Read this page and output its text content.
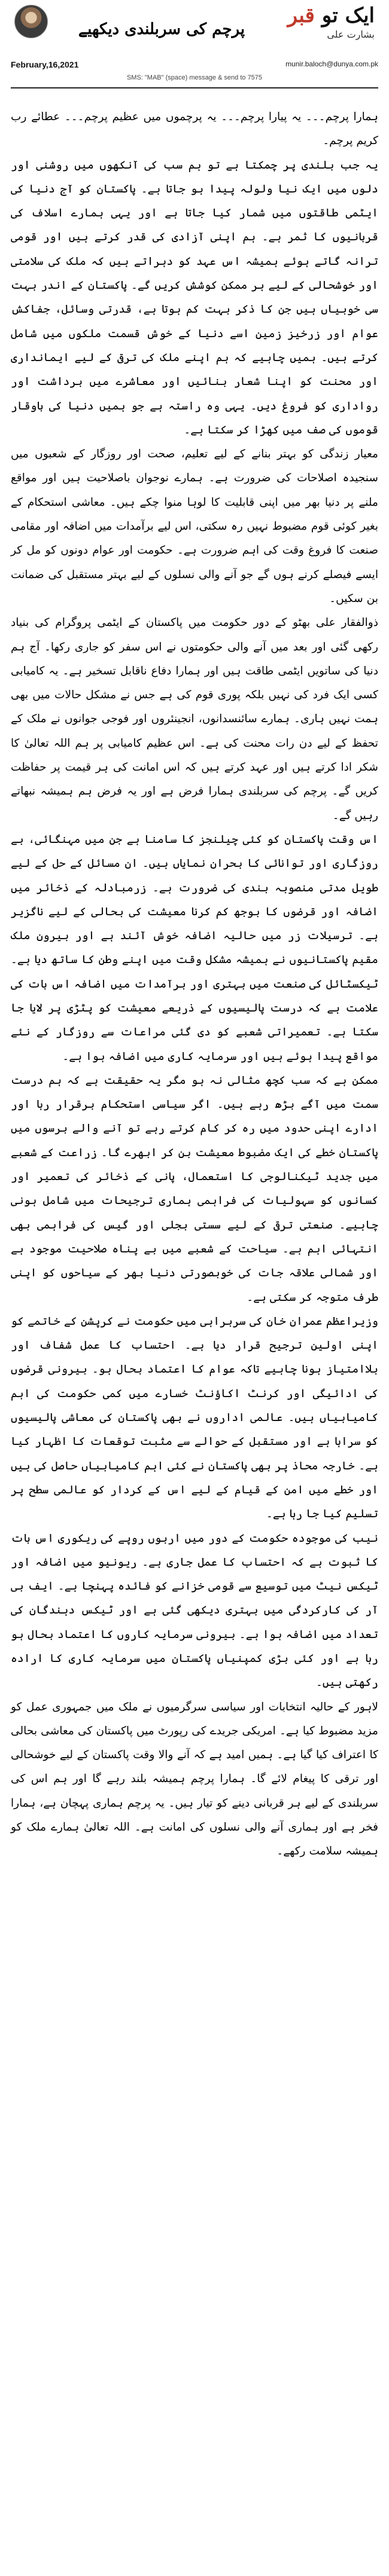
پرچم کی سربلندی دیکھیے
ایک تو قبر
بشارت علی
February,16,2021	munir.baloch@dunya.com.pk
SMS: "MAB" (space) message & send to 7575

ہمارا پرچم۔۔۔ یہ پیارا پرچم۔۔۔ یہ پرچموں میں عظیم پرچم۔۔۔ عطائے رب کریم پرچم۔

یہ جب بلندی پر چمکتا ہے تو ہم سب کی آنکھوں میں روشنی اور دلوں میں ایک نیا ولولہ پیدا ہو جاتا ہے۔ پاکستان کو آج دنیا کی ایٹمی طاقتوں میں شمار کیا جاتا ہے اور یہی ہمارے اسلاف کی قربانیوں کا ثمر ہے۔ ہم اپنی آزادی کی قدر کرتے ہیں اور قومی ترانہ گاتے ہوئے ہمیشہ اس عہد کو دہراتے ہیں کہ ملک کی سلامتی اور خوشحالی کے لیے ہر ممکن کوشش کریں گے۔ پاکستان کے اندر بہت سی خوبیاں ہیں جن کا ذکر بہت کم ہوتا ہے، قدرتی وسائل، جفاکش عوام اور زرخیز زمین اسے دنیا کے خوش قسمت ملکوں میں شامل کرتے ہیں۔ ہمیں چاہیے کہ ہم اپنے ملک کی ترقی کے لیے ایمانداری اور محنت کو اپنا شعار بنائیں اور معاشرے میں برداشت اور رواداری کو فروغ دیں۔ یہی وہ راستہ ہے جو ہمیں دنیا کی باوقار قوموں کی صف میں کھڑا کر سکتا ہے۔

معیار زندگی کو بہتر بنانے کے لیے تعلیم، صحت اور روزگار کے شعبوں میں سنجیدہ اصلاحات کی ضرورت ہے۔ ہمارے نوجوان باصلاحیت ہیں اور مواقع ملنے پر دنیا بھر میں اپنی قابلیت کا لوہا منوا چکے ہیں۔ معاشی استحکام کے بغیر کوئی قوم مضبوط نہیں رہ سکتی، اس لیے برآمدات میں اضافہ اور مقامی صنعت کا فروغ وقت کی اہم ضرورت ہے۔ حکومت اور عوام دونوں کو مل کر ایسے فیصلے کرنے ہوں گے جو آنے والی نسلوں کے لیے بہتر مستقبل کی ضمانت بن سکیں۔

ذوالفقار علی بھٹو کے دور حکومت میں پاکستان کے ایٹمی پروگرام کی بنیاد رکھی گئی اور بعد میں آنے والی حکومتوں نے اس سفر کو جاری رکھا۔ آج ہم دنیا کی ساتویں ایٹمی طاقت ہیں اور ہمارا دفاع ناقابل تسخیر ہے۔ یہ کامیابی کسی ایک فرد کی نہیں بلکہ پوری قوم کی ہے جس نے مشکل حالات میں بھی ہمت نہیں ہاری۔ ہمارے سائنسدانوں، انجینئروں اور فوجی جوانوں نے ملک کے تحفظ کے لیے دن رات محنت کی ہے۔ اس عظیم کامیابی پر ہم اللہ تعالیٰ کا شکر ادا کرتے ہیں اور عہد کرتے ہیں کہ اس امانت کی ہر قیمت پر حفاظت کریں گے۔ پرچم کی سربلندی ہمارا فرض ہے اور یہ فرض ہم ہمیشہ نبھاتے رہیں گے۔

اس وقت پاکستان کو کئی چیلنجز کا سامنا ہے جن میں مہنگائی، بے روزگاری اور توانائی کا بحران نمایاں ہیں۔ ان مسائل کے حل کے لیے طویل مدتی منصوبہ بندی کی ضرورت ہے۔ زرمبادلہ کے ذخائر میں اضافہ اور قرضوں کا بوجھ کم کرنا معیشت کی بحالی کے لیے ناگزیر ہے۔ ترسیلات زر میں حالیہ اضافہ خوش آئند ہے اور بیرون ملک مقیم پاکستانیوں نے ہمیشہ مشکل وقت میں اپنے وطن کا ساتھ دیا ہے۔ ٹیکسٹائل کی صنعت میں بہتری اور برآمدات میں اضافہ اس بات کی علامت ہے کہ درست پالیسیوں کے ذریعے معیشت کو پٹڑی پر لایا جا سکتا ہے۔ تعمیراتی شعبے کو دی گئی مراعات سے روزگار کے نئے مواقع پیدا ہوئے ہیں اور سرمایہ کاری میں اضافہ ہوا ہے۔

ممکن ہے کہ سب کچھ مثالی نہ ہو مگر یہ حقیقت ہے کہ ہم درست سمت میں آگے بڑھ رہے ہیں۔ اگر سیاسی استحکام برقرار رہا اور ادارے اپنی حدود میں رہ کر کام کرتے رہے تو آنے والے برسوں میں پاکستان خطے کی ایک مضبوط معیشت بن کر ابھرے گا۔ زراعت کے شعبے میں جدید ٹیکنالوجی کا استعمال، پانی کے ذخائر کی تعمیر اور کسانوں کو سہولیات کی فراہمی ہماری ترجیحات میں شامل ہونی چاہیے۔ صنعتی ترقی کے لیے سستی بجلی اور گیس کی فراہمی بھی انتہائی اہم ہے۔ سیاحت کے شعبے میں بے پناہ صلاحیت موجود ہے اور شمالی علاقہ جات کی خوبصورتی دنیا بھر کے سیاحوں کو اپنی طرف متوجہ کر سکتی ہے۔

وزیراعظم عمران خان کی سربراہی میں حکومت نے کرپشن کے خاتمے کو اپنی اولین ترجیح قرار دیا ہے۔ احتساب کا عمل شفاف اور بلاامتیاز ہونا چاہیے تاکہ عوام کا اعتماد بحال ہو۔ بیرونی قرضوں کی ادائیگی اور کرنٹ اکاؤنٹ خسارے میں کمی حکومت کی اہم کامیابیاں ہیں۔ عالمی اداروں نے بھی پاکستان کی معاشی پالیسیوں کو سراہا ہے اور مستقبل کے حوالے سے مثبت توقعات کا اظہار کیا ہے۔ خارجہ محاذ پر بھی پاکستان نے کئی اہم کامیابیاں حاصل کی ہیں اور خطے میں امن کے قیام کے لیے اس کے کردار کو عالمی سطح پر تسلیم کیا جا رہا ہے۔

نیب کی موجودہ حکومت کے دور میں اربوں روپے کی ریکوری اس بات کا ثبوت ہے کہ احتساب کا عمل جاری ہے۔ ریونیو میں اضافہ اور ٹیکس نیٹ میں توسیع سے قومی خزانے کو فائدہ پہنچا ہے۔ ایف بی آر کی کارکردگی میں بہتری دیکھی گئی ہے اور ٹیکس دہندگان کی تعداد میں اضافہ ہوا ہے۔ بیرونی سرمایہ کاروں کا اعتماد بحال ہو رہا ہے اور کئی بڑی کمپنیاں پاکستان میں سرمایہ کاری کا ارادہ رکھتی ہیں۔

لاہور کے حالیہ انتخابات اور سیاسی سرگرمیوں نے ملک میں جمہوری عمل کو مزید مضبوط کیا ہے۔ امریکی جریدے کی رپورٹ میں پاکستان کی معاشی بحالی کا اعتراف کیا گیا ہے۔ ہمیں امید ہے کہ آنے والا وقت پاکستان کے لیے خوشحالی اور ترقی کا پیغام لائے گا۔ ہمارا پرچم ہمیشہ بلند رہے گا اور ہم اس کی سربلندی کے لیے ہر قربانی دینے کو تیار ہیں۔ یہ پرچم ہماری پہچان ہے، ہمارا فخر ہے اور ہماری آنے والی نسلوں کی امانت ہے۔ اللہ تعالیٰ ہمارے ملک کو ہمیشہ سلامت رکھے۔
